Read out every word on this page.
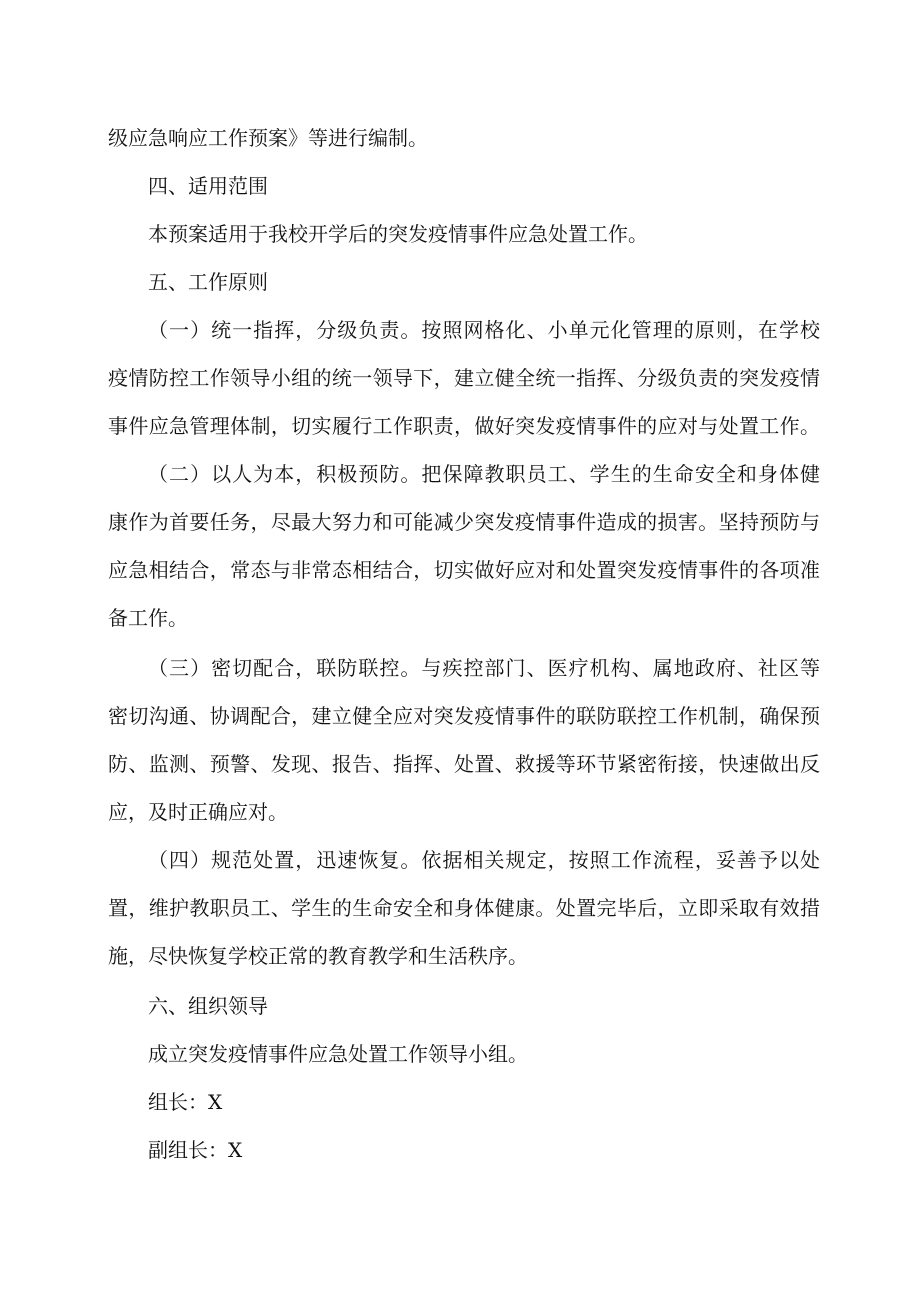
级应急响应工作预案》等进行编制。
四、适用范围
本预案适用于我校开学后的突发疫情事件应急处置工作。
五、工作原则
（一）统一指挥，分级负责。按照网格化、小单元化管理的原则，在学校
疫情防控工作领导小组的统一领导下，建立健全统一指挥、分级负责的突发疫情
事件应急管理体制，切实履行工作职责，做好突发疫情事件的应对与处置工作。
（二）以人为本，积极预防。把保障教职员工、学生的生命安全和身体健
康作为首要任务，尽最大努力和可能减少突发疫情事件造成的损害。坚持预防与
应急相结合，常态与非常态相结合，切实做好应对和处置突发疫情事件的各项准
备工作。
（三）密切配合，联防联控。与疾控部门、医疗机构、属地政府、社区等
密切沟通、协调配合，建立健全应对突发疫情事件的联防联控工作机制，确保预
防、监测、预警、发现、报告、指挥、处置、救援等环节紧密衔接，快速做出反
应，及时正确应对。
（四）规范处置，迅速恢复。依据相关规定，按照工作流程，妥善予以处
置，维护教职员工、学生的生命安全和身体健康。处置完毕后，立即采取有效措
施，尽快恢复学校正常的教育教学和生活秩序。
六、组织领导
成立突发疫情事件应急处置工作领导小组。
组长：X
副组长：X
